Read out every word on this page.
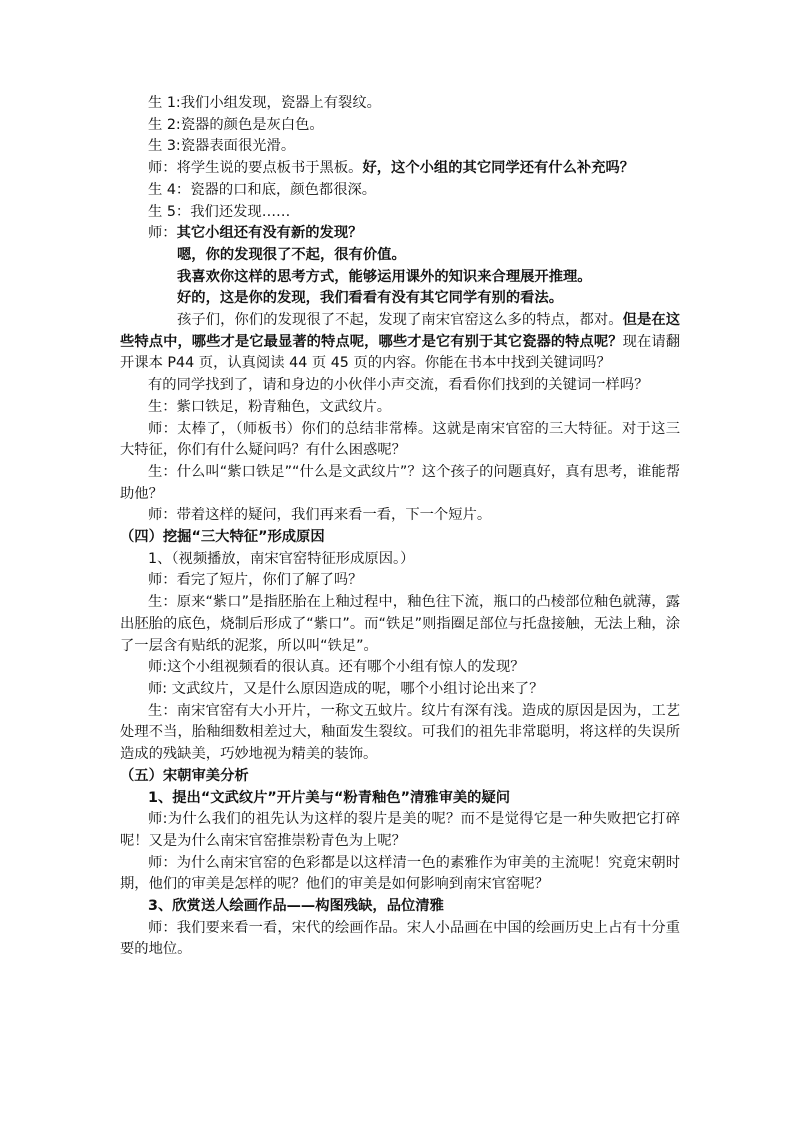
生 1:我们小组发现，瓷器上有裂纹。

生 2:瓷器的颜色是灰白色。

生 3:瓷器表面很光滑。

师：将学生说的要点板书于黑板。好，这个小组的其它同学还有什么补充吗？

生 4：瓷器的口和底，颜色都很深。

生 5：我们还发现……

师：其它小组还有没有新的发现？

嗯，你的发现很了不起，很有价值。

我喜欢你这样的思考方式，能够运用课外的知识来合理展开推理。

好的，这是你的发现，我们看看有没有其它同学有别的看法。

孩子们，你们的发现很了不起，发现了南宋官窑这么多的特点，都对。但是在这些特点中，哪些才是它最显著的特点呢，哪些才是它有别于其它瓷器的特点呢？现在请翻开课本 P44 页，认真阅读 44 页 45 页的内容。你能在书本中找到关键词吗？

有的同学找到了，请和身边的小伙伴小声交流，看看你们找到的关键词一样吗？

生：紫口铁足，粉青釉色，文武纹片。

师：太棒了，（师板书）你们的总结非常棒。这就是南宋官窑的三大特征。对于这三大特征，你们有什么疑问吗？有什么困惑呢？

生：什么叫“紫口铁足”“什么是文武纹片”？这个孩子的问题真好，真有思考，谁能帮助他？

师：带着这样的疑问，我们再来看一看，下一个短片。

（四）挖掘“三大特征”形成原因

1、（视频播放，南宋官窑特征形成原因。）

师：看完了短片，你们了解了吗？

生：原来“紫口”是指胚胎在上釉过程中，釉色往下流，瓶口的凸棱部位釉色就薄，露出胚胎的底色，烧制后形成了“紫口”。而“铁足”则指圈足部位与托盘接触，无法上釉，涂了一层含有贴纸的泥浆，所以叫“铁足”。

师:这个小组视频看的很认真。还有哪个小组有惊人的发现？

师: 文武纹片，又是什么原因造成的呢，哪个小组讨论出来了？

生：南宋官窑有大小开片，一称文五蚊片。纹片有深有浅。造成的原因是因为，工艺处理不当，胎釉细数相差过大，釉面发生裂纹。可我们的祖先非常聪明，将这样的失误所造成的残缺美，巧妙地视为精美的装饰。

（五）宋朝审美分析

1、提出“文武纹片”开片美与“粉青釉色”清雅审美的疑问

师:为什么我们的祖先认为这样的裂片是美的呢？而不是觉得它是一种失败把它打碎呢！又是为什么南宋官窑推崇粉青色为上呢？

师：为什么南宋官窑的色彩都是以这样清一色的素雅作为审美的主流呢！究竟宋朝时期，他们的审美是怎样的呢？他们的审美是如何影响到南宋官窑呢？

3、欣赏送人绘画作品——构图残缺，品位清雅

师：我们要来看一看，宋代的绘画作品。宋人小品画在中国的绘画历史上占有十分重要的地位。
